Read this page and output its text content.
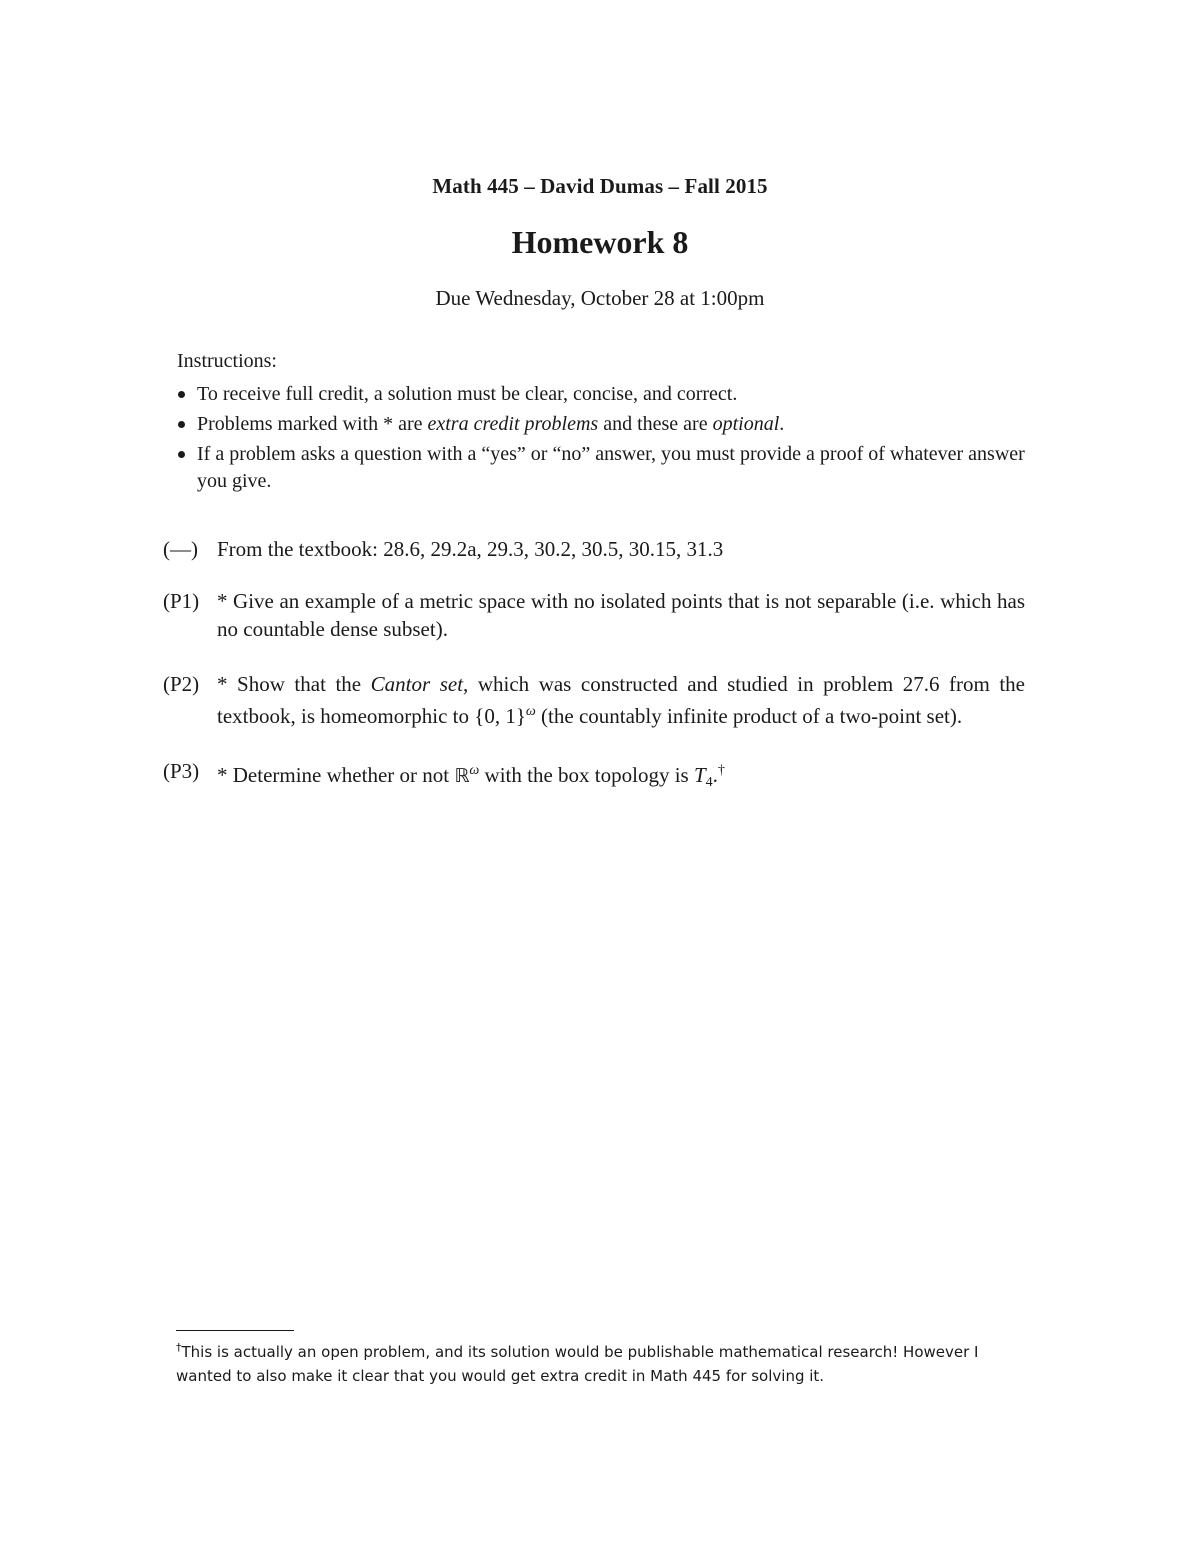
Math 445 – David Dumas – Fall 2015
Homework 8
Due Wednesday, October 28 at 1:00pm
Instructions:
To receive full credit, a solution must be clear, concise, and correct.
Problems marked with * are extra credit problems and these are optional.
If a problem asks a question with a “yes” or “no” answer, you must provide a proof of whatever answer you give.
(—) From the textbook: 28.6, 29.2a, 29.3, 30.2, 30.5, 30.15, 31.3
(P1) * Give an example of a metric space with no isolated points that is not separable (i.e. which has no countable dense subset).
(P2) * Show that the Cantor set, which was constructed and studied in problem 27.6 from the textbook, is homeomorphic to {0, 1}$^\omega$ (the countably infinite product of a two-point set).
(P3) * Determine whether or not ℝ$^\omega$ with the box topology is $T_4.^\dagger$
†This is actually an open problem, and its solution would be publishable mathematical research! However I wanted to also make it clear that you would get extra credit in Math 445 for solving it.
